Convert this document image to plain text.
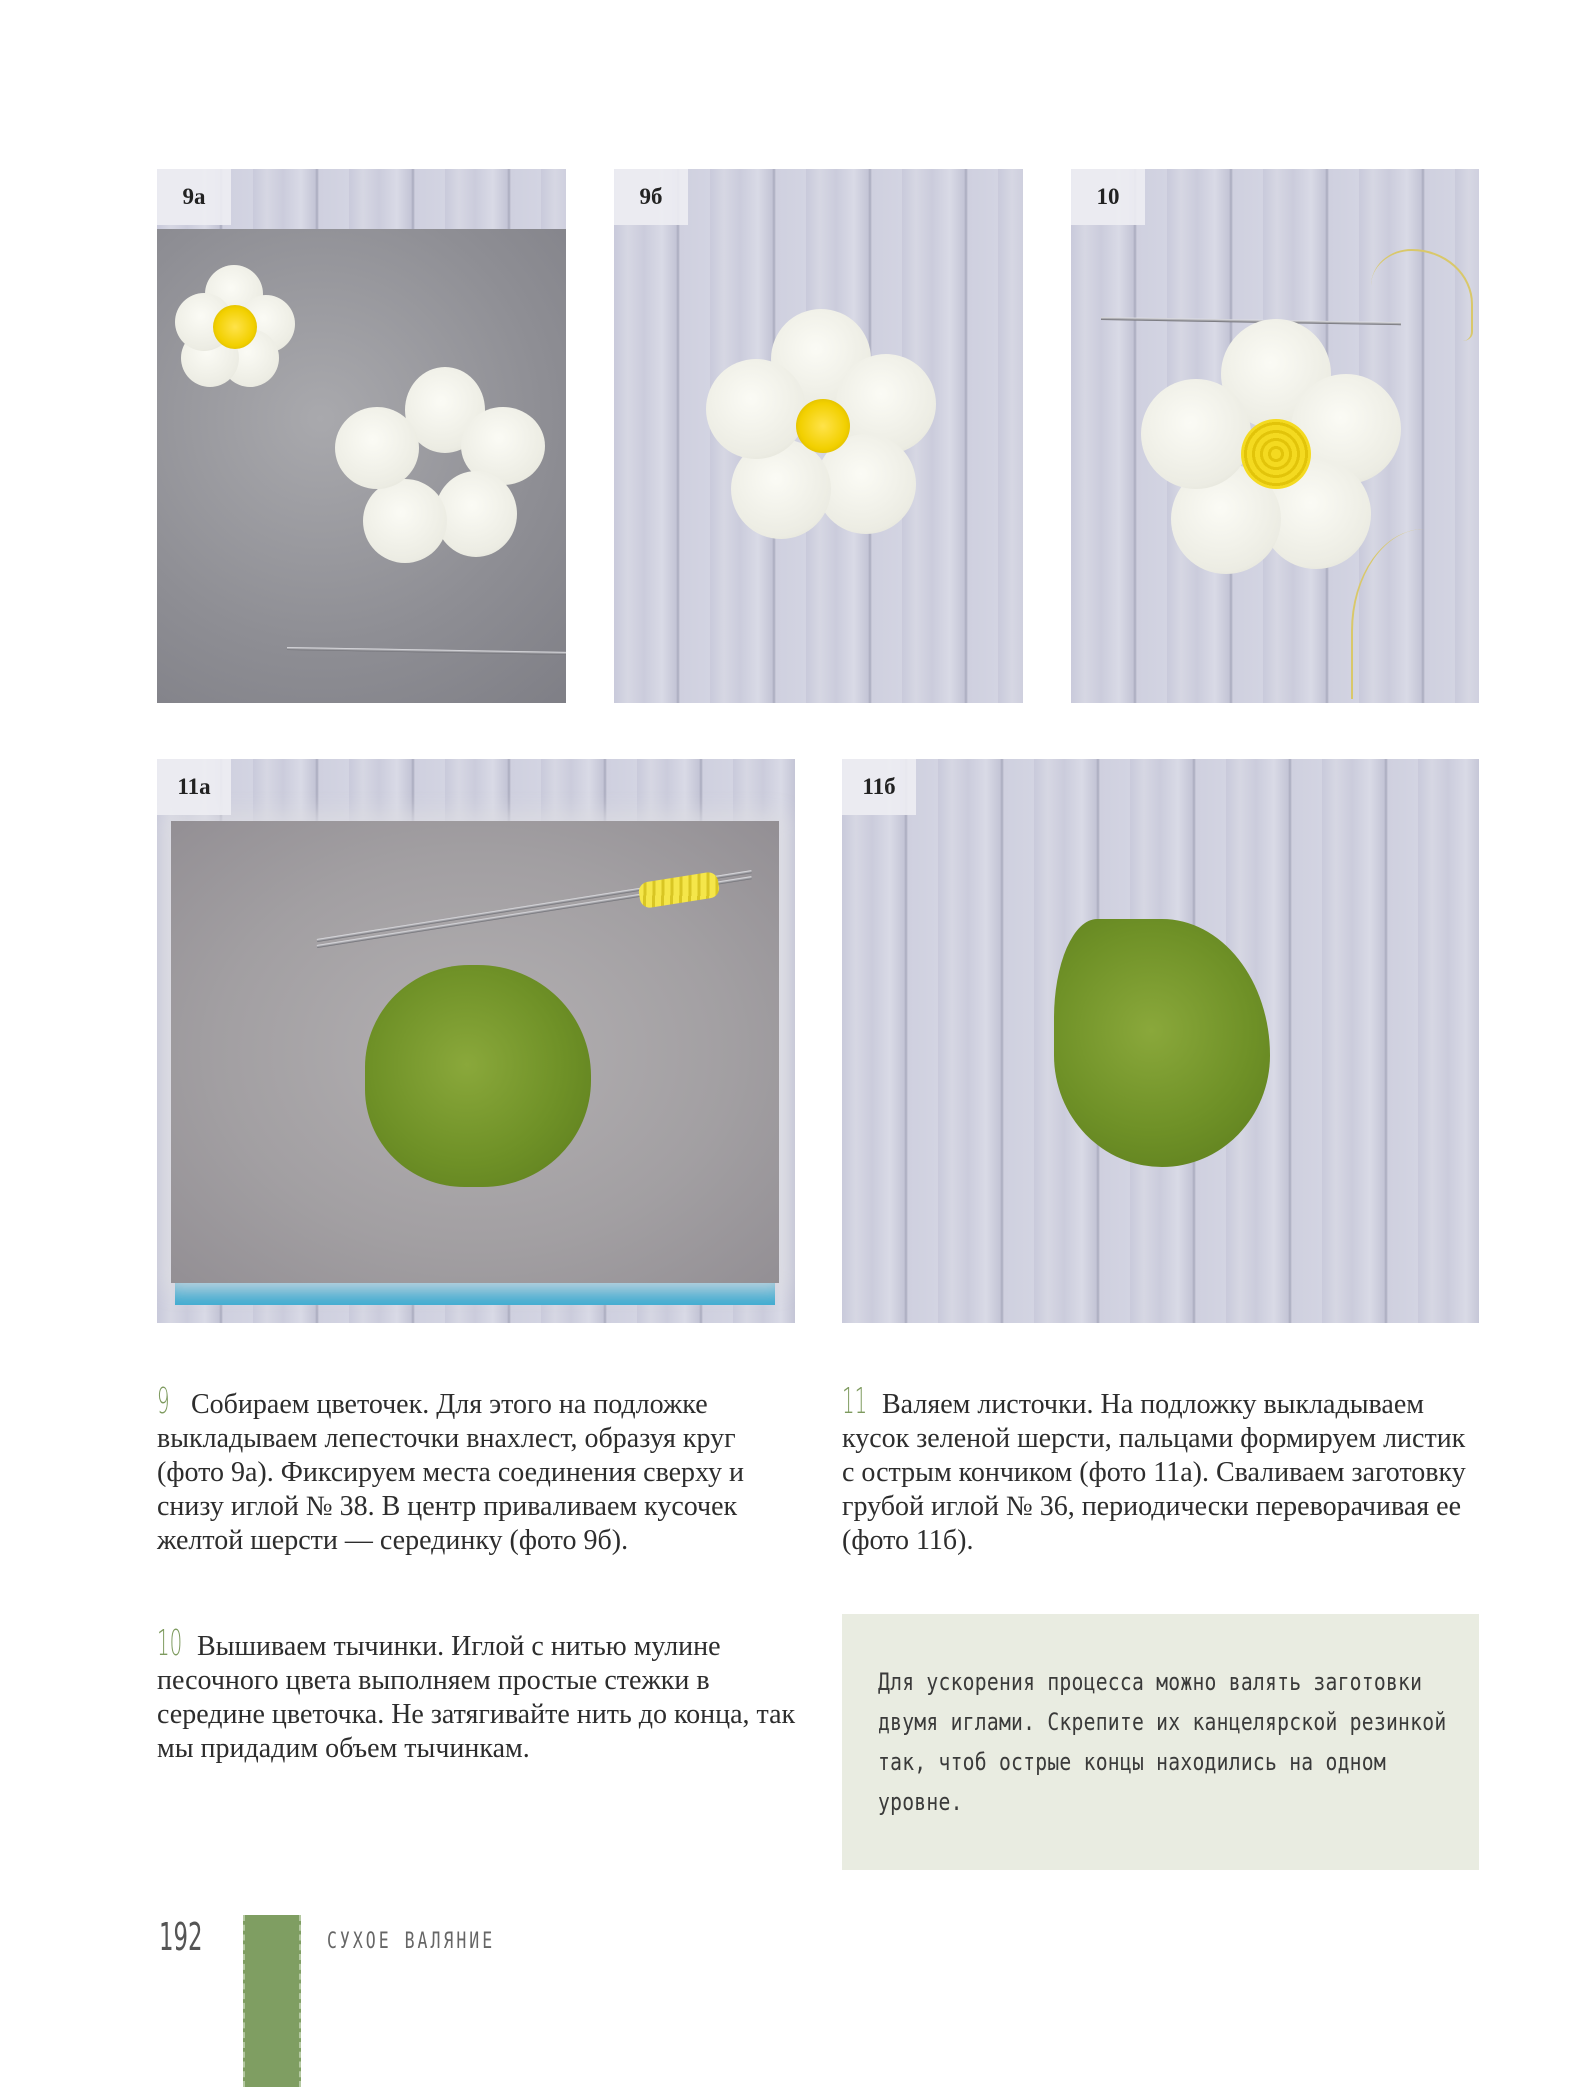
9а	9б	10
11а	11б
9 Собираем цветочек. Для этого на подложке выкладываем лепесточки внахлест, образуя круг (фото 9а). Фиксируем места соединения сверху и снизу иглой № 38. В центр приваливаем кусочек желтой шерсти — серединку (фото 9б).
10 Вышиваем тычинки. Иглой с нитью мулине песочного цвета выполняем простые стежки в середине цветочка. Не затягивайте нить до конца, так мы придадим объем тычинкам.
11 Валяем листочки. На подложку выкладываем кусок зеленой шерсти, пальцами формируем листик с острым кончиком (фото 11а). Сваливаем заготовку грубой иглой № 36, периодически переворачивая ее (фото 11б).
Для ускорения процесса можно валять заготовки двумя иглами. Скрепите их канцелярской резинкой так, чтоб острые концы находились на одном уровне.
192	СУХОЕ ВАЛЯНИЕ
